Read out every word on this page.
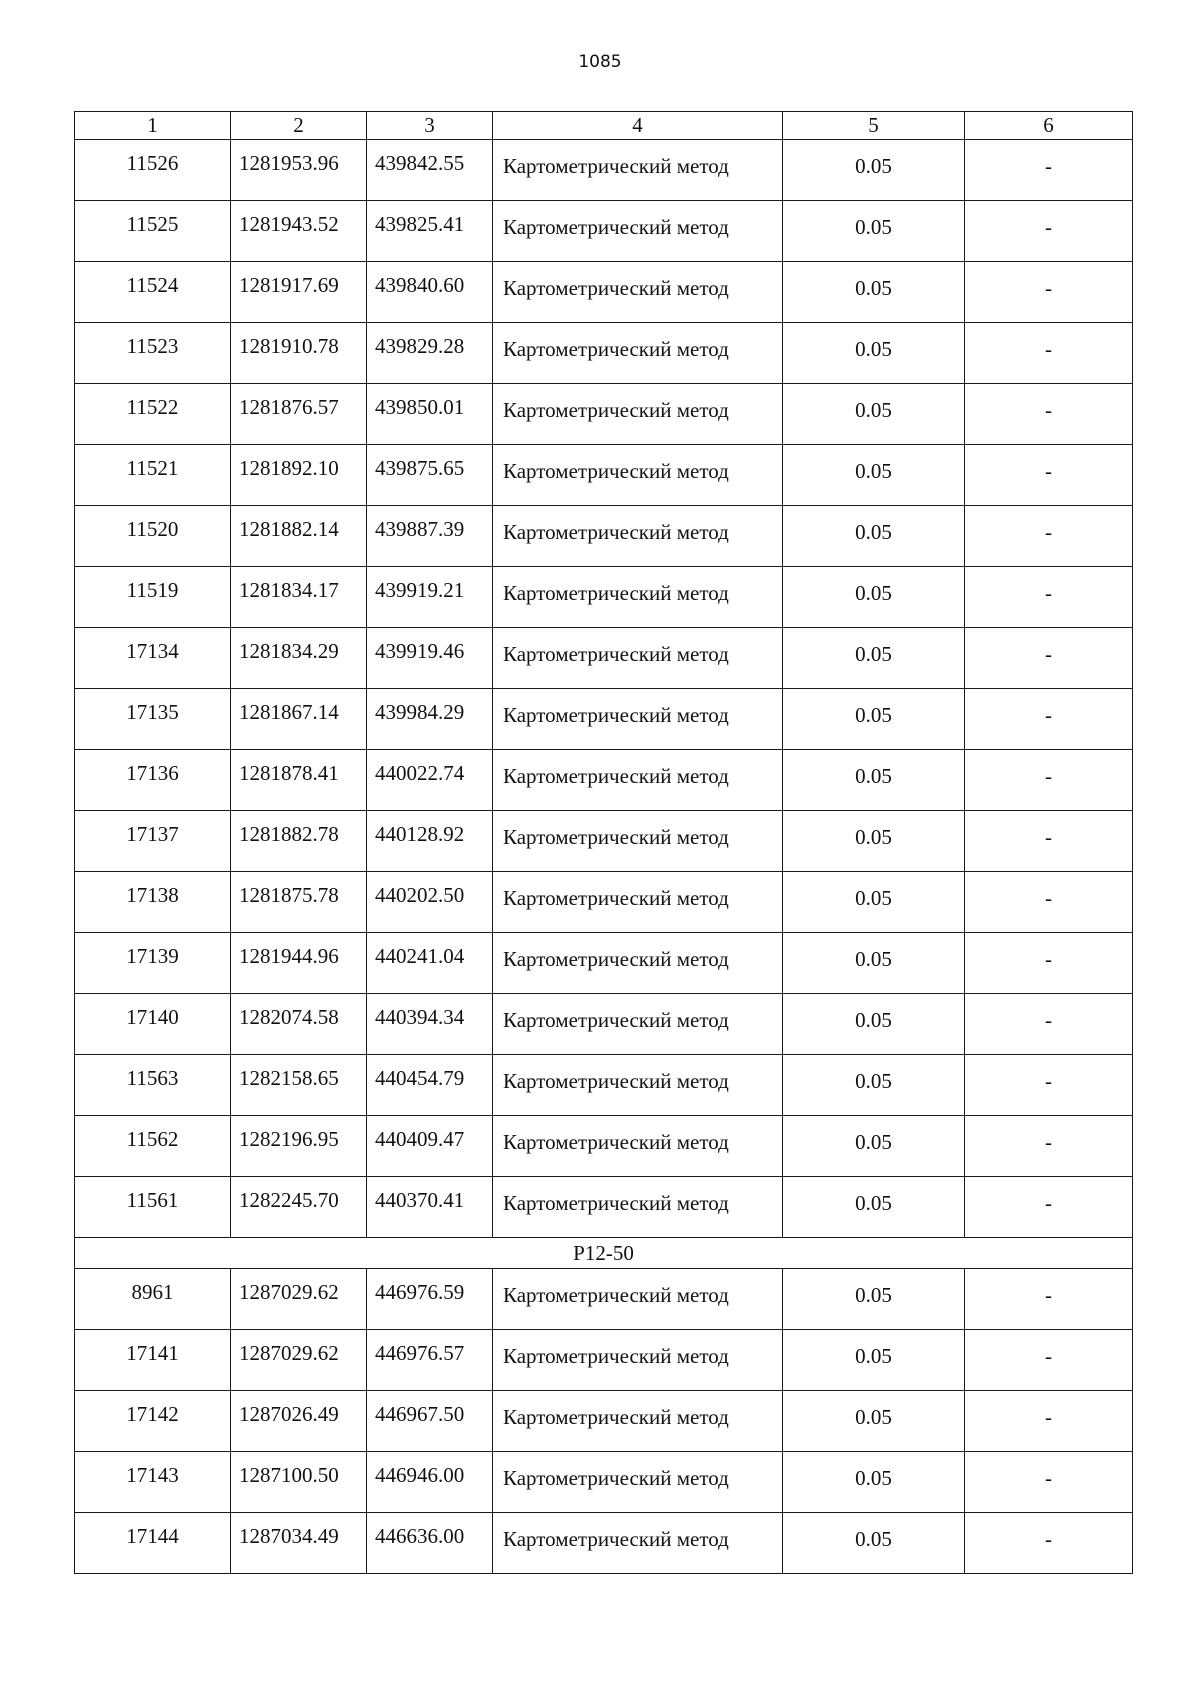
1085
1	2	3	4	5	6
11526	1281953.96	439842.55	Картометрический метод	0.05	-
11525	1281943.52	439825.41	Картометрический метод	0.05	-
11524	1281917.69	439840.60	Картометрический метод	0.05	-
11523	1281910.78	439829.28	Картометрический метод	0.05	-
11522	1281876.57	439850.01	Картометрический метод	0.05	-
11521	1281892.10	439875.65	Картометрический метод	0.05	-
11520	1281882.14	439887.39	Картометрический метод	0.05	-
11519	1281834.17	439919.21	Картометрический метод	0.05	-
17134	1281834.29	439919.46	Картометрический метод	0.05	-
17135	1281867.14	439984.29	Картометрический метод	0.05	-
17136	1281878.41	440022.74	Картометрический метод	0.05	-
17137	1281882.78	440128.92	Картометрический метод	0.05	-
17138	1281875.78	440202.50	Картометрический метод	0.05	-
17139	1281944.96	440241.04	Картометрический метод	0.05	-
17140	1282074.58	440394.34	Картометрический метод	0.05	-
11563	1282158.65	440454.79	Картометрический метод	0.05	-
11562	1282196.95	440409.47	Картометрический метод	0.05	-
11561	1282245.70	440370.41	Картометрический метод	0.05	-
Р12-50					
8961	1287029.62	446976.59	Картометрический метод	0.05	-
17141	1287029.62	446976.57	Картометрический метод	0.05	-
17142	1287026.49	446967.50	Картометрический метод	0.05	-
17143	1287100.50	446946.00	Картометрический метод	0.05	-
17144	1287034.49	446636.00	Картометрический метод	0.05	-
